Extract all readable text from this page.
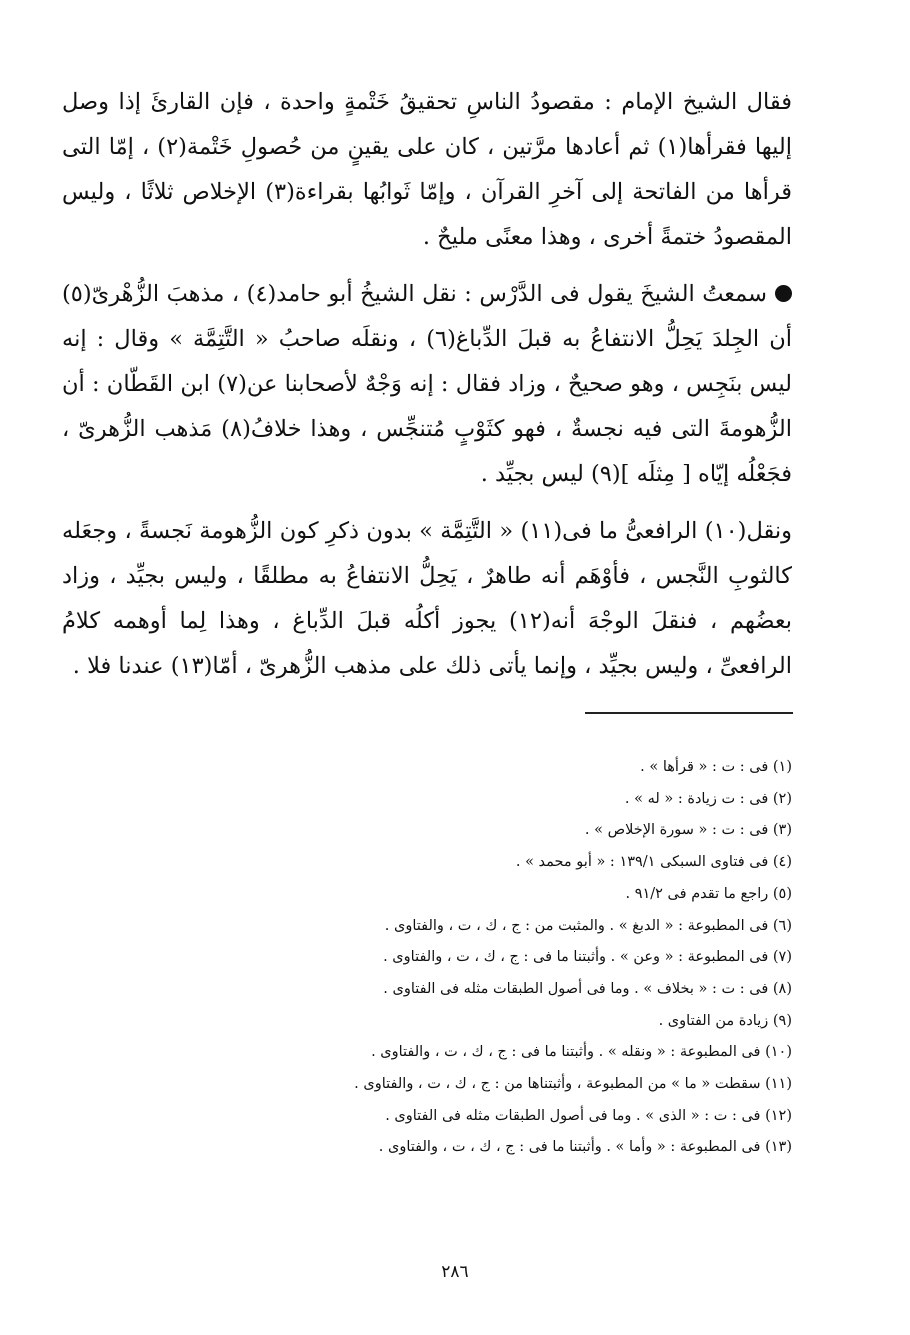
فقال الشيخ الإمام : مقصودُ الناسِ تحقيقُ خَتْمةٍ واحدة ، فإن القارئَ إذا وصل إليها فقرأها(١) ثم أعادها مرَّتين ، كان على يقينٍ من حُصولِ خَتْمة(٢) ، إمّا التى قرأها من الفاتحة إلى آخرِ القرآن ، وإمّا ثَوابُها بقراءة(٣) الإخلاص ثلاثًا ، وليس المقصودُ ختمةً أخرى ، وهذا معنًى مليحٌ .

سمعتُ الشيخَ يقول فى الدَّرْس : نقل الشيخُ أبو حامد(٤) ، مذهبَ الزُّهْرىّ(٥) أن الجِلدَ يَحِلُّ الانتفاعُ به قبلَ الدِّباغ(٦) ، ونقلَه صاحبُ « التَّتِمَّة » وقال : إنه ليس بنَجِس ، وهو صحيحٌ ، وزاد فقال : إنه وَجْهٌ لأصحابنا عن(٧) ابن القَطّان : أن الزُّهومةَ التى فيه نجسةٌ ، فهو كثَوْبٍ مُتنجِّس ، وهذا خلافُ(٨) مَذهب الزُّهرىّ ، فجَعْلُه إيّاه [ مِثلَه ](٩) ليس بجيِّد .

ونقل(١٠) الرافعىُّ ما فى(١١) « التَّتِمَّة » بدون ذكرِ كون الزُّهومة نَجسةً ، وجعَله كالثوبِ النَّجس ، فأوْهَم أنه طاهرٌ ، يَحِلُّ الانتفاعُ به مطلقًا ، وليس بجيِّد ، وزاد بعضُهم ، فنقلَ الوجْهَ أنه(١٢) يجوز أكلُه قبلَ الدِّباغ ، وهذا لِما أوهمه كلامُ الرافعىِّ ، وليس بجيِّد ، وإنما يأتى ذلك على مذهب الزُّهرىّ ، أمّا(١٣) عندنا فلا .

(١) فى : ت : « قرأها » .
(٢) فى : ت زيادة : « له » .
(٣) فى : ت : « سورة الإخلاص » .
(٤) فى فتاوى السبكى ١٣٩/١ : « أبو محمد » .
(٥) راجع ما تقدم فى ٩١/٢ .
(٦) فى المطبوعة : « الدبغ » . والمثبت من : ج ، ك ، ت ، والفتاوى .
(٧) فى المطبوعة : « وعن » . وأثبتنا ما فى : ج ، ك ، ت ، والفتاوى .
(٨) فى : ت : « بخلاف » . وما فى أصول الطبقات مثله فى الفتاوى .
(٩) زيادة من الفتاوى .
(١٠) فى المطبوعة : « ونقله » . وأثبتنا ما فى : ج ، ك ، ت ، والفتاوى .
(١١) سقطت « ما » من المطبوعة ، وأثبتناها من : ج ، ك ، ت ، والفتاوى .
(١٢) فى : ت : « الذى » . وما فى أصول الطبقات مثله فى الفتاوى .
(١٣) فى المطبوعة : « وأما » . وأثبتنا ما فى : ج ، ك ، ت ، والفتاوى .
٢٨٦
